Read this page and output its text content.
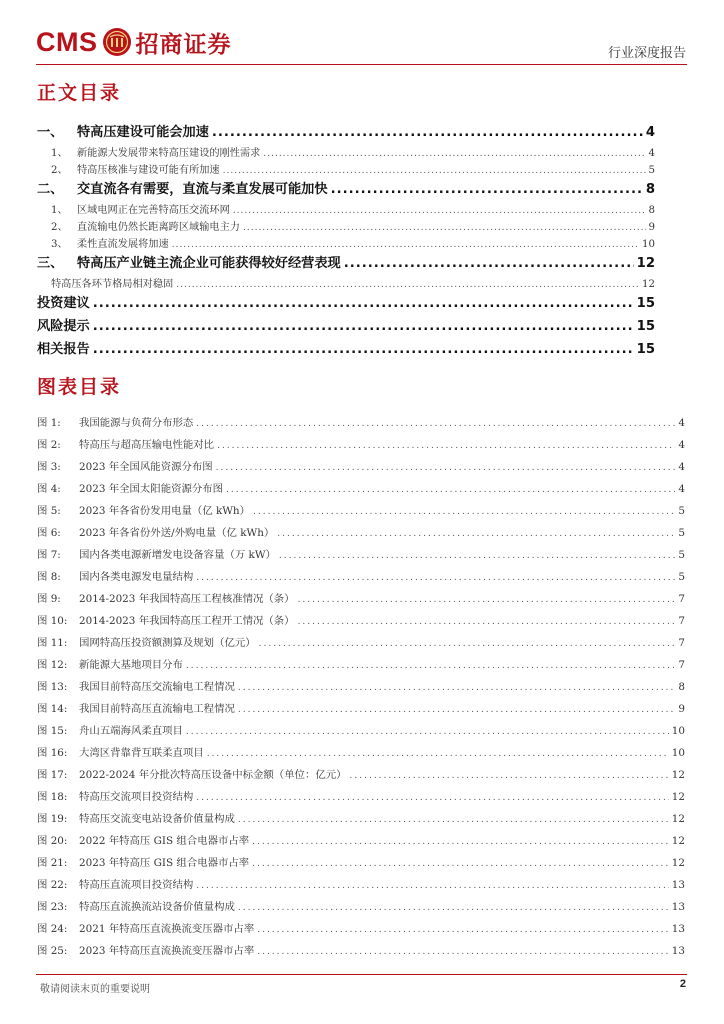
CMS 招商证券	行业深度报告
正文目录
一、 特高压建设可能会加速 .....	4
1、 新能源大发展带来特高压建设的刚性需求 .....	4
2、 特高压核准与建设可能有所加速 .....	5
二、 交直流各有需要，直流与柔直发展可能加快 .....	8
1、 区域电网正在完善特高压交流环网 .....	8
2、 直流输电仍然长距离跨区域输电主力 .....	9
3、 柔性直流发展将加速 .....	10
三、 特高压产业链主流企业可能获得较好经营表现 .....	12
特高压各环节格局相对稳固 .....	12
投资建议 .....	15
风险提示 .....	15
相关报告 .....	15
图表目录
图 1: 我国能源与负荷分布形态 .....	4
图 2: 特高压与超高压输电性能对比 .....	4
图 3: 2023 年全国风能资源分布图 .....	4
图 4: 2023 年全国太阳能资源分布图 .....	4
图 5: 2023 年各省份发用电量（亿 kWh） .....	5
图 6: 2023 年各省份外送/外购电量（亿 kWh） .....	5
图 7: 国内各类电源新增发电设备容量（万 kW） .....	5
图 8: 国内各类电源发电量结构 .....	5
图 9: 2014-2023 年我国特高压工程核准情况（条） .....	7
图 10: 2014-2023 年我国特高压工程开工情况（条） .....	7
图 11: 国网特高压投资额测算及规划（亿元） .....	7
图 12: 新能源大基地项目分布 .....	7
图 13: 我国目前特高压交流输电工程情况 .....	8
图 14: 我国目前特高压直流输电工程情况 .....	9
图 15: 舟山五端海风柔直项目 .....	10
图 16: 大湾区背靠背互联柔直项目 .....	10
图 17: 2022-2024 年分批次特高压设备中标金额（单位：亿元） .....	12
图 18: 特高压交流项目投资结构 .....	12
图 19: 特高压交流变电站设备价值量构成 .....	12
图 20: 2022 年特高压 GIS 组合电器市占率 .....	12
图 21: 2023 年特高压 GIS 组合电器市占率 .....	12
图 22: 特高压直流项目投资结构 .....	13
图 23: 特高压直流换流站设备价值量构成 .....	13
图 24: 2021 年特高压直流换流变压器市占率 .....	13
图 25: 2023 年特高压直流换流变压器市占率 .....	13
敬请阅读末页的重要说明	2
